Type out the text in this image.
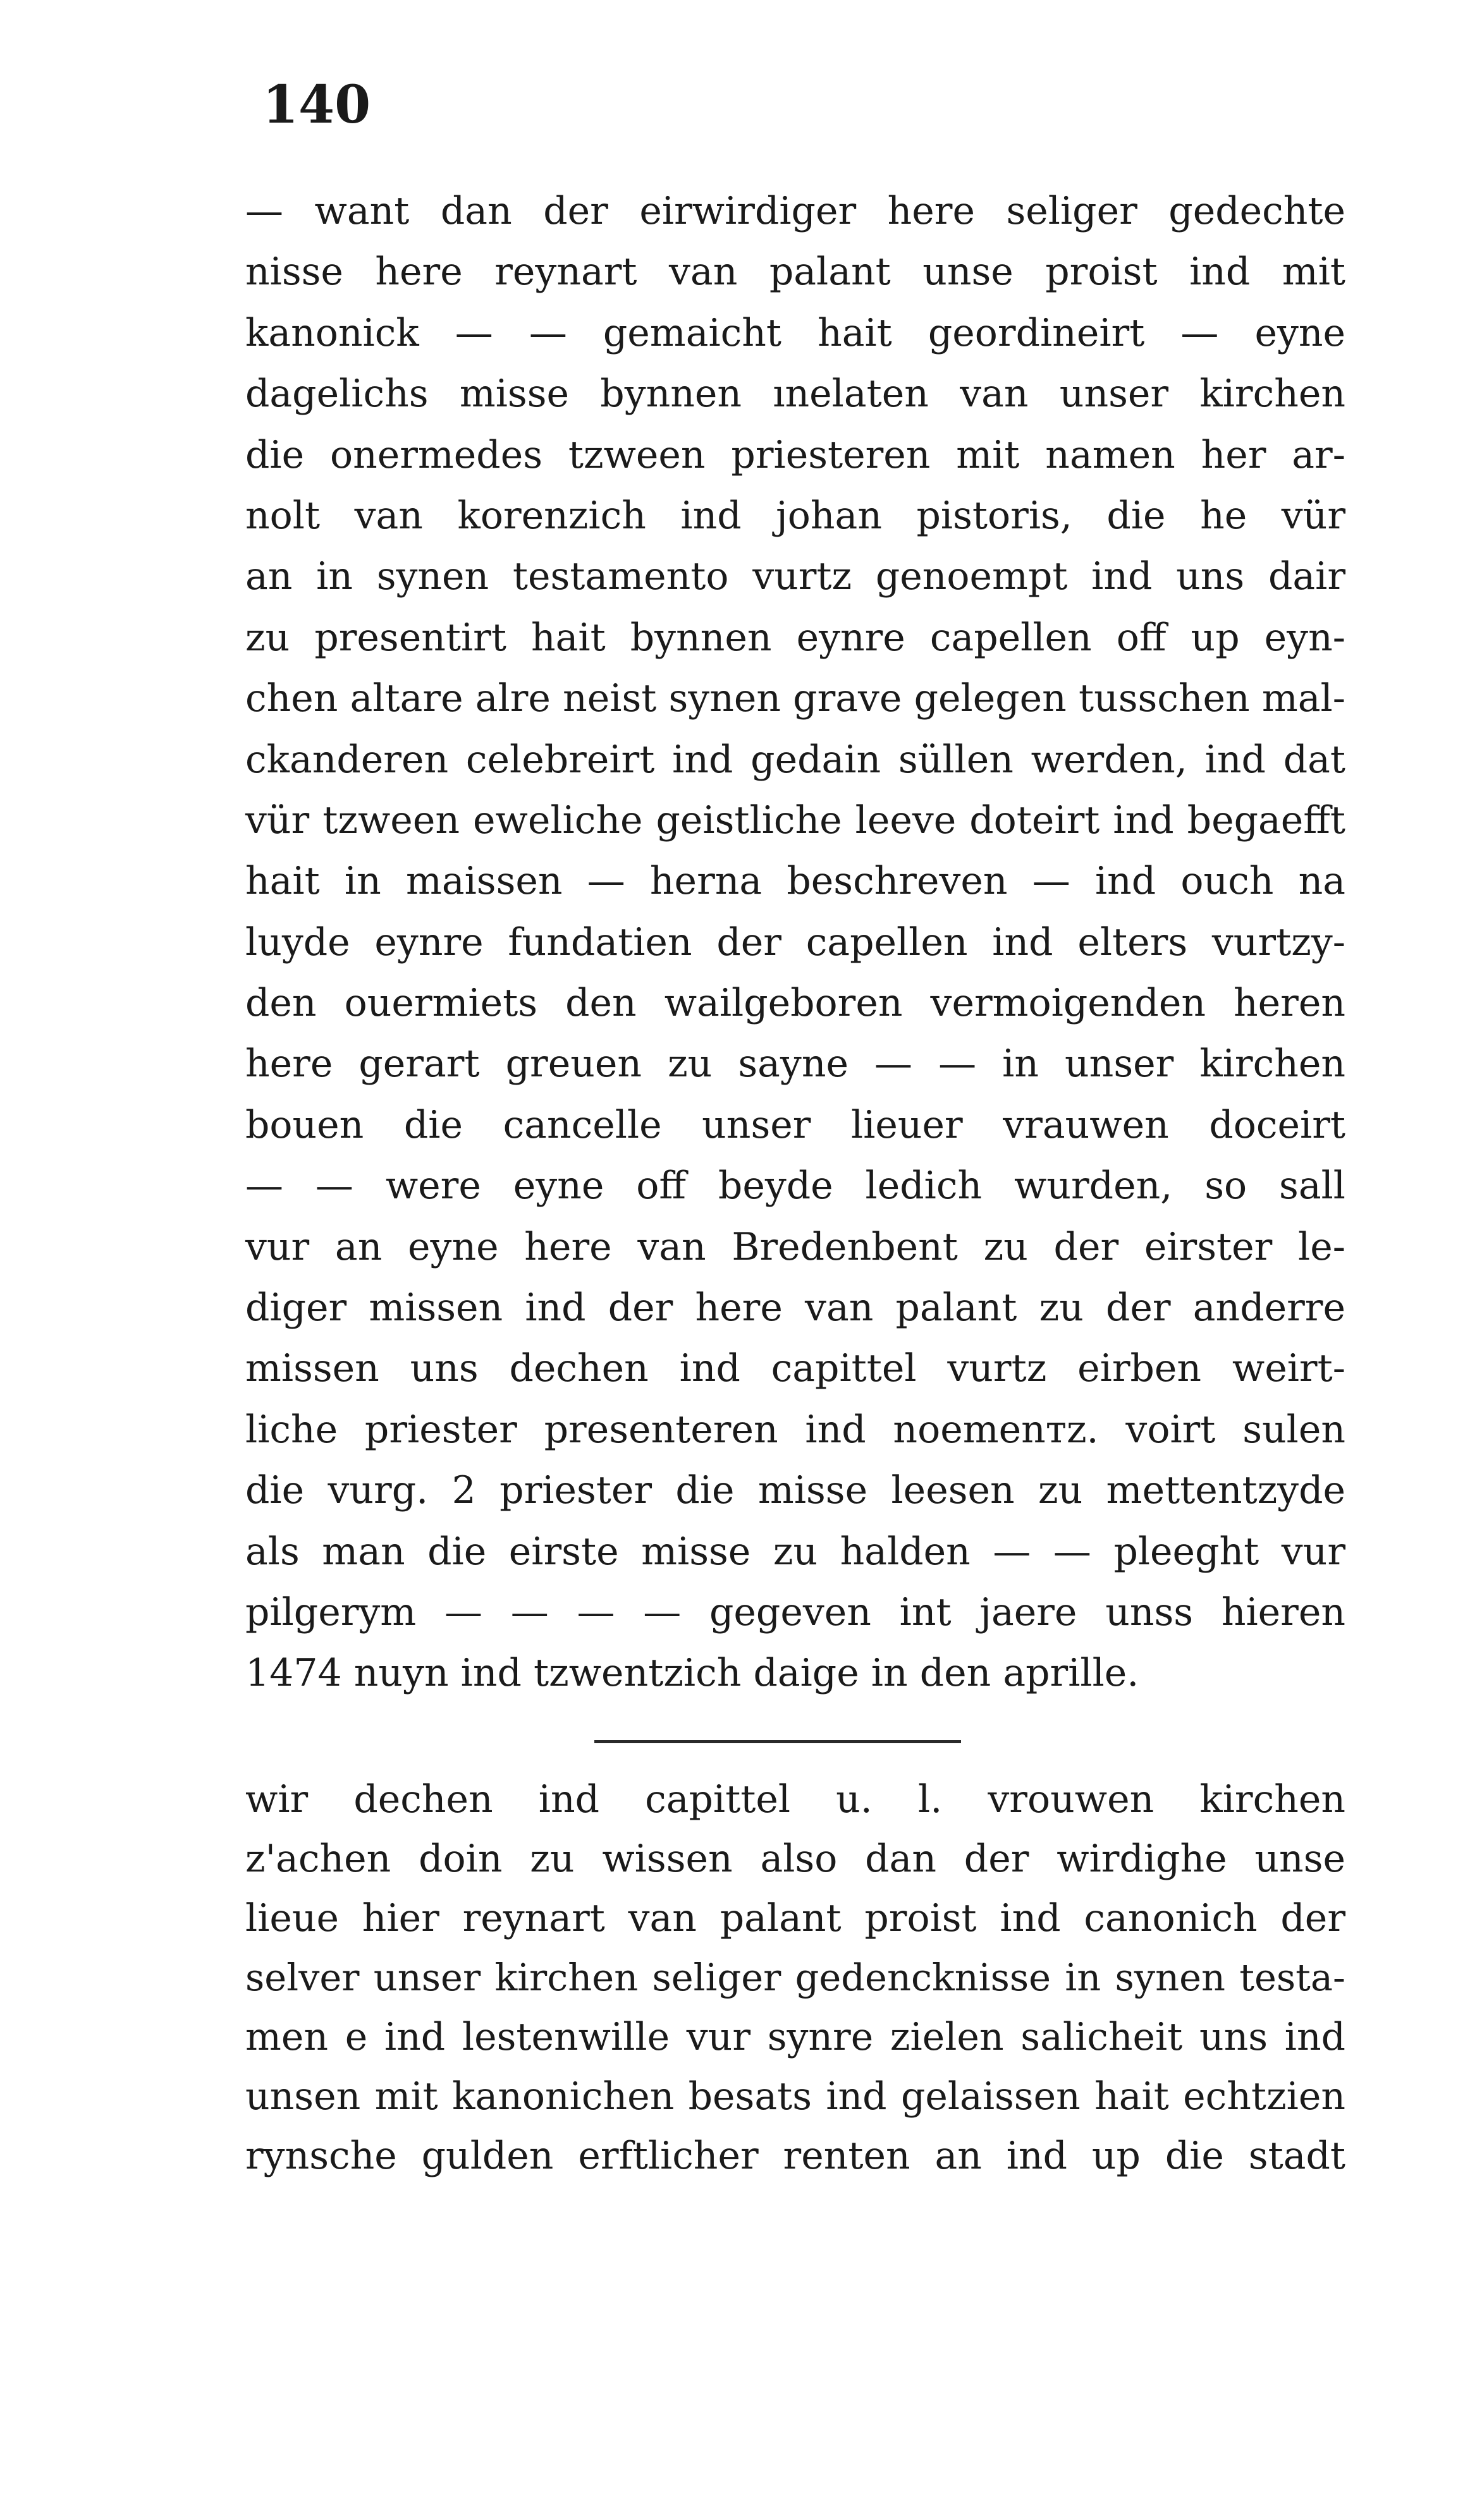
140
— want dan der eirwirdiger here seliger gedechte
nisse here reynart van palant unse proist ind mit
kanonick — — gemaicht hait geordineirt — eyne
dagelichs misse bynnen ınelaten van unser kirchen
die onermedes tzween priesteren mit namen her ar-
nolt van korenzich ind johan pistoris, die he vür
an in synen testamento vurtz genoempt ind uns dair
zu presentirt hait bynnen eynre capellen off up eyn-
chen altare alre neist synen grave gelegen tusschen mal-
ckanderen celebreirt ind gedain süllen werden, ind dat
vür tzween eweliche geistliche leeve doteirt ind begaefft
hait in maissen — herna beschreven — ind ouch na
luyde eynre fundatien der capellen ind elters vurtzy-
den ouermiets den wailgeboren vermoigenden heren
here gerart greuen zu sayne — — in unser kirchen
bouen die cancelle unser lieuer vrauwen doceirt
— — were eyne off beyde ledich wurden, so sall
vur an eyne here van Bredenbent zu der eirster le-
diger missen ind der here van palant zu der anderre
missen uns dechen ind capittel vurtz eirben weirt-
liche priester presenteren ind noemenтz. voirt sulen
die vurg. 2 priester die misse leesen zu mettentzyde
als man die eirste misse zu halden — — pleeght vur
pilgerym — — — — gegeven int jaere unss hieren
1474 nuyn ind tzwentzich daige in den aprille.
wir dechen ind capittel u. l. vrouwen kirchen
z'achen doin zu wissen also dan der wirdighe unse
lieue hier reynart van palant proist ind canonich der
selver unser kirchen seliger gedencknisse in synen testa-
men e ind lestenwille vur synre zielen salicheit uns ind
unsen mit kanonichen besats ind gelaissen hait echtzien
rynsche gulden erftlicher renten an ind up die stadt
